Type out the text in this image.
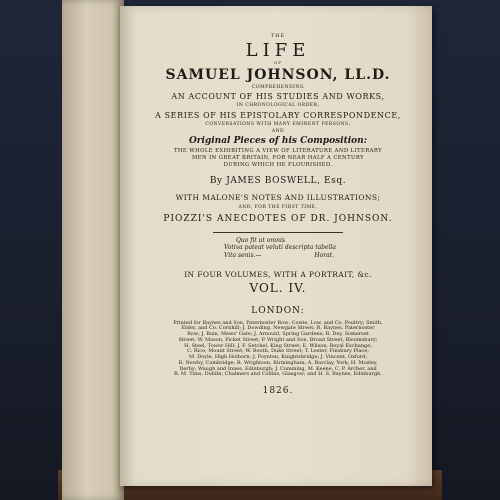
THE
LIFE
OF
SAMUEL JOHNSON, LL.D.
COMPREHENDING
AN ACCOUNT OF HIS STUDIES AND WORKS,
IN CHRONOLOGICAL ORDER;
A SERIES OF HIS EPISTOLARY CORRESPONDENCE,
CONVERSATIONS WITH MANY EMINENT PERSONS;
AND
Original Pieces of his Composition:
THE WHOLE EXHIBITING A VIEW OF LITERATURE AND LITERARY
MEN IN GREAT BRITAIN, FOR NEAR HALF A CENTURY
DURING WHICH HE FLOURISHED.
By JAMES BOSWELL, Esq.
WITH MALONE'S NOTES AND ILLUSTRATIONS;
AND, FOR THE FIRST TIME,
PIOZZI'S ANECDOTES OF DR. JOHNSON.
Quo fit ut omnis
Votiva pateat veluti descripta tabella
Vita senis.—	Horat.
IN FOUR VOLUMES, WITH A PORTRAIT, &c.
VOL. IV.
LONDON:
Printed for Baynes and Son, Paternoster Row; Cowie, Low, and Co. Poultry; Smith,
Elder, and Co. Cornhill; J. Dowding, Newgate Street; R. Baynes, Paternoster
Row; J. Bain, Mews' Gate; J. Arnould, Spring Gardens; R. Dey, Somerset
Street; W. Mason, Picket Street; P. Wright and Son, Broad Street, Bloomsbury;
H. Steel, Tower Hill; J. F. Setchel, King Street; E. Wilson, Royal Exchange;
C. Rice, Mount Street; W. Booth, Duke Street; T. Lester, Finsbury Place;
M. Doyle, High Holborn; J. Poynton, Knightsbridge; J. Vincent, Oxford;
R. Newby, Cambridge; R. Wrightson, Birmingham; A. Barclay, York; H. Mozley,
Derby; Waugh and Innes, Edinburgh; J. Cumming, M. Keene, C. P. Archer, and
R. M. Tims, Dublin; Chalmers and Collins, Glasgow; and H. S. Baynes, Edinburgh.
1826.
